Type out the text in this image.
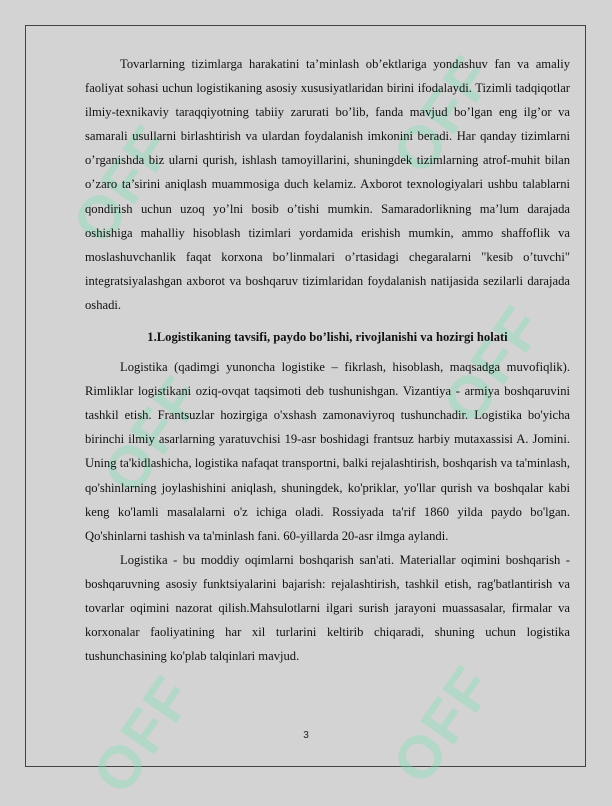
OFF	OFF
OFF	OFF
OFF	OFF

Tovarlarning tizimlarga harakatini ta’minlash ob’ektlariga yondashuv fan va amaliy faoliyat sohasi uchun logistikaning asosiy xususiyatlaridan birini ifodalaydi. Tizimli tadqiqotlar ilmiy-texnikaviy taraqqiyotning tabiiy zarurati bo’lib, fanda mavjud bo’lgan eng ilg’or va samarali usullarni birlashtirish va ulardan foydalanish imkonini beradi. Har qanday tizimlarni o’rganishda biz ularni qurish, ishlash tamoyillarini, shuningdek tizimlarning atrof-muhit bilan o’zaro ta’sirini aniqlash muammosiga duch kelamiz. Axborot texnologiyalari ushbu talablarni qondirish uchun uzoq yo’lni bosib o’tishi mumkin. Samaradorlikning ma’lum darajada oshishiga mahalliy hisoblash tizimlari yordamida erishish mumkin, ammo shaffoflik va moslashuvchanlik faqat korxona bo’linmalari o’rtasidagi chegaralarni "kesib o’tuvchi" integratsiyalashgan axborot va boshqaruv tizimlaridan foydalanish natijasida sezilarli darajada oshadi.

1.Logistikaning tavsifi, paydo bo’lishi, rivojlanishi va hozirgi holati

Logistika (qadimgi yunoncha logistike – fikrlash, hisoblash, maqsadga muvofiqlik). Rimliklar logistikani oziq-ovqat taqsimoti deb tushunishgan. Vizantiya - armiya boshqaruvini tashkil etish. Frantsuzlar hozirgiga o'xshash zamonaviyroq tushunchadir. Logistika bo'yicha birinchi ilmiy asarlarning yaratuvchisi 19-asr boshidagi frantsuz harbiy mutaxassisi A. Jomini. Uning ta'kidlashicha, logistika nafaqat transportni, balki rejalashtirish, boshqarish va ta'minlash, qo'shinlarning joylashishini aniqlash, shuningdek, ko'priklar, yo'llar qurish va boshqalar kabi keng ko'lamli masalalarni o'z ichiga oladi. Rossiyada ta'rif 1860 yilda paydo bo'lgan. Qo'shinlarni tashish va ta'minlash fani. 60-yillarda 20-asr ilmga aylandi.

Logistika - bu moddiy oqimlarni boshqarish san'ati. Materiallar oqimini boshqarish - boshqaruvning asosiy funktsiyalarini bajarish: rejalashtirish, tashkil etish, rag'batlantirish va tovarlar oqimini nazorat qilish.Mahsulotlarni ilgari surish jarayoni muassasalar, firmalar va korxonalar faoliyatining har xil turlarini keltirib chiqaradi, shuning uchun logistika tushunchasining ko'plab talqinlari mavjud.

3
